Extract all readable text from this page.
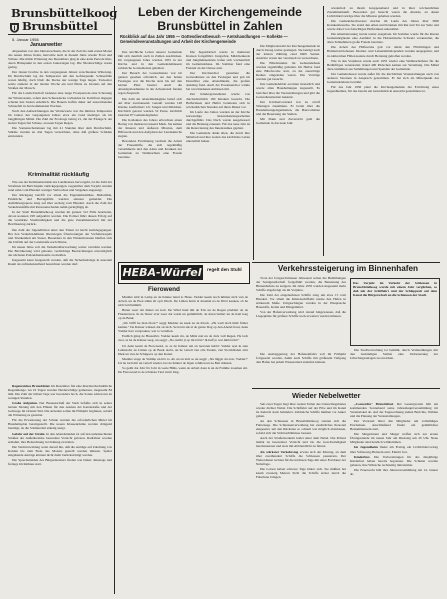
Brunsbüttelkoog
Brunsbüttel
5. Januar 1956
Januarwetter

Abgesehen von den Jahreswechseln, die in der Zeit bis zum ersten Monat des neuen Jahres fielen, herrschte auch in diesem Jahre wieder Frost und Schnee. Die milde Witterung des Dezembers ging in eine kalte Periode über, deren Höhepunkt in den ersten Januartagen lag. Die Niederschläge waren gering.

Der Januar brachte in den vergangenen Jahren verschiedene Witterung. Im Durchschnitt lag die Temperatur um den Gefrierpunkt. Schneefälle waren häufig, doch blieb die Decke nur wenige Tage liegen. Tauwetter setzte zumeist in der letzten Woche ein und führte zu Glatteis auf den Straßen der Marsch.

Für die Landwirtschaft bedeutet eine lange Frostperiode eine Schonung der Wintersaaten, sofern eine Schneedecke vorhanden ist. Kahlfrost dagegen schadet den Saaten erheblich. Die Bauern hoffen daher auf ausreichenden Schneefall in den kommenden Wochen.

Nach den Aufzeichnungen der Wetterwarte war die mittlere Temperatur im Januar des vergangenen Jahres etwa ein Grad niedriger als im langjährigen Mittel. Die Zahl der Frosttage betrug 21, die der Eistage 9. An sieben Tagen fiel Schnee, an neun Tagen Regen.

Die Sonnenscheindauer lag mit 41 Stunden über dem Durchschnitt. Stürme wurden an drei Tagen verzeichnet, ohne daß größere Schäden entstanden.

Kriminalität rückläufig

Wie aus der Kriminalstatistik des Landkreises hervorgeht, ist die Zahl der Straftaten im Berichtsjahr zurückgegangen. Gegenüber dem Vorjahr wurden rund zehn vom Hundert weniger Verbrechen und Vergehen angezeigt.

Der Rückgang betrifft vor allem die Eigentumsdelikte. Diebstähle, Einbrüche und Betrugsfälle wurden seltener gemeldet. Die Aufklärungsquote stieg auf über sechzig vom Hundert. Auch die Zahl der Verkehrsunfälle mit Personenschaden nahm geringfügig ab.

In der Stadt Brunsbüttelkoog wurden im ganzen 312 Fälle bearbeitet, davon konnten 198 aufgeklärt werden. Die Polizei führt diesen Erfolg auf die verstärkte Streifentätigkeit und die gute Zusammenarbeit mit der Bevölkerung zurück.

Die Zahl der Jugendlichen unter den Tätern ist leicht zurückgegangen. Bei den Verkehrsdelikten überwiegen Übertretungen der Vorfahrtsregeln und Trunkenheit am Steuer. Besonders in den Wintermonaten häuften sich die Unfälle auf der Landstraße nach Marne.

Im neuen Jahre soll die Verkehrsüberwachung weiter verstärkt werden. Die Bevölkerung wird gebeten, verdächtige Beobachtungen unverzüglich der nächsten Polizeidienststelle zu melden.

Insgesamt kann festgestellt werden, daß die Sicherheitslage in unserem Raum als zufriedenstellend bezeichnet werden darf.

Regenreiches Brunsbüttel. Im Dezember fiel eine überdurchschnittliche Regenmenge. An 19 Tagen wurden Niederschläge gemessen, insgesamt 84 mm. Die Zahl der trüben Tage war besonders hoch, die Sonne schien nur an wenigen Stunden.

Große Aufgaben. Der Bauausschuß der Stadt befaßte sich in seiner letzten Sitzung mit den Plänen für den Ausbau der Kanalstraße und der Gehwege im Ortsteil Süd. Die Arbeiten sollen im Frühjahr beginnen, sobald die Witterung es gestattet.

Für die Erweiterung der Schule wurden die erforderlichen Mittel im Haushaltsplan bereitgestellt. Die neuen Klassenräume werden dringend benötigt, da die Schülerzahl ständig steigt.

Gefahr auf der Straße. In den Abendstunden ist auf den unbeleuchteten Straßen der Außenbezirke besondere Vorsicht geboten. Radfahrer werden ermahnt, ihre Beleuchtung in Ordnung zu halten.

Die Stadtverwaltung weist darauf hin, daß die Anträge auf Zuteilung von Kohlen bis zum Ende des Monats gestellt werden müssen. Später eingehende Anträge können nicht mehr berücksichtigt werden.

Die Sprechstunden des Bürgermeisters finden wie bisher dienstags und freitags im Rathaus statt.

Leben der Kirchengemeinde
Brunsbüttel in Zahlen
Rückblick auf das Jahr 1955 — Gottesdienstbesuch — Amtshandlungen — Kollekte — Gemeindeveranstaltungen und Arbeit der Kirchengemeinde

Das kirchliche Leben unserer Gemeinde läßt sich deutlich auch in Zahlen ausdrücken. Im vergangenen Jahre wurden 1955 in der Kirche und in den Gemeindehäusern zahlreiche Gottesdienste gehalten.

Der Besuch der Gottesdienste war im ganzen gesehen erfreulich. An den hohen Festtagen war die Kirche stets bis auf den letzten Platz besetzt. Auch die Abendgottesdienste in der Adventszeit fanden regen Zuspruch.

Die Zahl der Abendmahlsgäste belief sich auf über zweitausend. Getauft wurden 148 Kinder, konfirmiert 121 Jungen und Mädchen. Kirchlich getraut wurden 52 Paare, kirchlich bestattet 87 Gemeindeglieder.

Die Kollekten des Jahres erbrachten einen Betrag von mehreren tausend Mark. Sie kamen der Inneren und Äußeren Mission, dem Hilfswerk und den Aufgaben der Landeskirche zugute.

Besondere Erwähnung verdient die Arbeit der Frauenhilfe, die sich regelmäßig versammelte und den Alten und Kranken der Gemeinde zu Weihnachten eine Freude bereitete.

Die Jugendarbeit wurde in mehreren Kreisen fortgeführt. Jungschar, Mädchenkreis und Jungmännerkreis trafen sich wöchentlich im Gemeindehaus. Im Sommer fand eine Freizeit an der Ostsee statt.

Der Kirchenchor gestaltete die Gottesdienste an den Festtagen und gab im Dezember eine Abendmusik, die großen Anklang fand. Auch der Posaunenchor wirkte bei verschiedenen Anlässen mit.

Der Kindergottesdienst wurde von durchschnittlich 180 Kindern besucht. Die Helferinnen und Helfer bereiteten sich in wöchentlichen Stunden auf ihren Dienst vor.

Im Laufe des Jahres wurden an der Kirche notwendige Instandsetzungsarbeiten durchgeführt. Das Dach wurde ausgebessert und die Heizung erneuert. Für das neue Jahr ist die Renovierung des Innenraumes geplant.

Die Gemeinde dankt allen, die durch ihre Mitarbeit und ihre Gaben das kirchliche Leben unterstützt haben.

Die Mitgliederzahl der Kirchengemeinde ist durch Zuzug weiter gestiegen. Sie beträgt nach der letzten Zählung rund 9400 Seelen. Austritte waren nur vereinzelt zu verzeichnen.

Die Bibelstunden im Gemeindehaus wurden regelmäßig gehalten. Im Herbst fand eine Bibelwoche statt, zu der auswärtige Redner eingeladen waren. Die Vorträge wurden gut besucht.

Das Gemeindeblatt erschien monatlich und wurde allen Haushaltungen zugestellt. Es berichtet über die Veranstaltungen und gibt die Gottesdienstzeiten bekannt.

Der Kirchenvorstand trat zu zwölf Sitzungen zusammen. Er beriet über die Haushaltsangelegenheiten, die Bauvorhaben und die Besetzung der Stellen.

Mit Dank und Zuversicht geht die Gemeinde in das neue Jahr.

wiederholt zu ihrem Gruppenabend und in ihrer wöchentlichen Zusammenkunft. Besonders gut besucht waren die Abende, an denen Lichtbildervorträge über die Mission gehalten wurden.

Die Gemeindeschwester machte im Laufe des Jahres über 3000 Krankenbesuche. Sie stand den Alten und Kranken mit Rat und Tat zur Seite und wurde dabei von freiwilligen Helferinnen unterstützt.

Die Altenbetreuung wurde weiter ausgebaut. Im Sommer wurde für die älteren Gemeindeglieder eine Ausfahrt in die Holsteinische Schweiz veranstaltet, die allen Teilnehmern große Freude bereitete.

Die Arbeit des Hilfswerks galt vor allem den Flüchtlingen und Heimatvertriebenen. Kleider- und Lebensmittelspenden wurden ausgegeben, und in zahlreichen Fällen konnte durch Beratung geholfen werden.

Wie in den Vorjahren wurde auch 1955 wieder eine Weihnachtsfeier für die Bedürftigen veranstaltet. Rund 400 Päckchen kamen zur Verteilung. Die Mittel dazu stammten aus Sammlungen und Spenden der Gemeinde.

Der Gemeindesaal wurde außer für die kirchlichen Veranstaltungen auch von anderen Vereinen in Anspruch genommen. Er hat sich als Mittelpunkt des Gemeindelebens bewährt.

Für das Jahr 1956 plant die Kirchengemeinde die Errichtung eines Jugendheimes, für das bereits ein Grundstück in Aussicht genommen ist.

HEBA-Würfel	regelt den Stuhl	Verkehrssteigerung im Binnenhafen

Trotz der fortgeschrittenen Jahreszeit sollen die Bemühungen der Sandgesellschaft fortgeführt werden, die Benutzung des Binnenhafens zu steigern. Im Jahre 1955 wurden insgesamt mehr Schiffe abgefertigt als im Vorjahre.

Die Zahl der eingelaufenen Schiffe stieg um etwa 15 vom Hundert. Vor allem die Küstenschiffahrt nutzte den Hafen in stärkerem Maße. Umgeschlagen wurden in der Hauptsache Baustoffe, Kohle und Düngemittel.

Von der Hafenverwaltung wird darauf hingewiesen, daß die Liegeplätze für größere Schiffe noch erweitert werden müssen.

Das Vorjahr im Verkehr der Schleusen in Brunsbüttelkoog wurde mit einem Jahr verglichen, so daß mit der Schiffahrt und der Schleppzeit auf dem Kanal die Bürgerschaft an die Schleusen der Stadt.

Die Ausbaggerung der Hafeneinfahrt soll im Frühjahr fortgesetzt werden, damit auch Schiffe mit größerem Tiefgang den Hafen bei jedem Wasserstand anlaufen können.

Die Stadtverwaltung ist bemüht, durch Verhandlungen mit den zuständigen Stellen eine Verbesserung der Umschlagsanlagen zu erreichen.

Fierowend

Mudder stiät in Lamp an de Kinner hand to Huus. Vadder keem noch ümmer nich vun de Arbeit, un de Eten stünn all op'n Disch. De Lütten harrn al dreemal na de Döör keeken, ob he nich bald kümmt.

Buten weer dat düster un kolt. De Wind huul üm de Eck un de Regen pladdert an de Finsterruten. In de Stuuv aver weer dat warm un gemüütlich, de Aben bullert un de Katt leeg op de Bank.

„Wo blifft he man blots?" seggt Mudder un keek na de Klock. „He wull doch hüüt fröher kamen." De Kinner wüssen dat ok nich. Se harrn sik al de ganze Dag op den Abend freut, denn Vadder harr verspraken, wat to vertellen.

Endlich güng de Huusdöör. Vadder keem rin, de Mütz natt un de Jack vull Regen. He lach aver, as he de Kinner seeg, un seggt: „Na, hebbt ji op mi töövt? Ik heff jo wat mitbröcht!"

Un denn keem de Fierowend, so as de Kinner em an leevsten hebbt: Vadder seet in sien Lehnstohl, de Lütten op de Bank dorbi, un he vertell vun olle Tieden, vun Stormfloden an'n Diek un vun de Schippers op den Kanal.

Mudder stopp de Strümp un hör to. Ab un an lach se un seggt: „Nu lüggst du aver, Vadder!" Un he lach mit un vertell wieder, bet de Kinner de Ogen tofullen un na Bett müssen.

So geiht dat Johr för Johr in veele Hüüs, wenn de Arbeit daan is un de Familie tosamen sitt. De Fierowend is de schönste Tied vun'n Dag.

Wieder Nebelwetter

Seit zwei Tagen liegt über weiten Teilen des Unterelbegebietes wieder dichter Nebel. Die Schiffahrt auf der Elbe und im Kanal ist dadurch stark behindert. Zahlreiche Schiffe mußten vor Anker gehen.

An den Schleusen in Brunsbüttelkoog stauten sich die Fahrzeuge. Die Schleusenverwaltung hat zusätzliches Personal eingesetzt, um den Rückstau so schnell wie möglich abzubauen, sobald sich die Sichtverhältnisse bessern.

Auch der Straßenverkehr leidet unter dem Nebel. Die Polizei mahnt zu besonderer Vorsicht und rät, die Geschwindigkeit herabzusetzen und stets mit Abblendlicht zu fahren.

Als stärkster Verkehrstag erwies sich der Montag, an dem über zweihundert Schiffe die Schleusen passierten. Der Wetterdienst rechnet für die nächsten Tage mit einer Fortdauer der Nebellage.

Die Lotsen haben schwere Tage hinter sich. Sie mußten bei kaum zwanzig Metern Sicht die Schiffe sicher durch die Fahrrinne bringen.

„Concordia" Brunsbüttel. Der Gesangverein hält am kommenden Sonnabend seine Jahreshauptversammlung im Vereinslokal ab. Auf der Tagesordnung stehen Berichte, Wahlen und die Planung der Veranstaltungen.

Der Vorstand bittet alle Mitglieder um vollzähliges Erscheinen. Anschließend findet ein gemütliches Beisammensein statt.

Die Sängerinnen und Sänger treffen sich zur ersten Übungsstunde im neuen Jahr am Dienstag um 20 Uhr. Neue Mitglieder sind herzlich willkommen.

Im Jugendheim findet am Freitag ein Lichtbildervortrag über Schleswig-Holstein statt. Eintritt frei.

Kinderfest. Die Vorbereitungen für das diesjährige Kinderfest haben bereits begonnen. Die Schulen werden gebeten, ihre Wünsche rechtzeitig mitzuteilen.

Die Feuerwehr hält ihre Jahresversammlung am 14. Januar ab.
